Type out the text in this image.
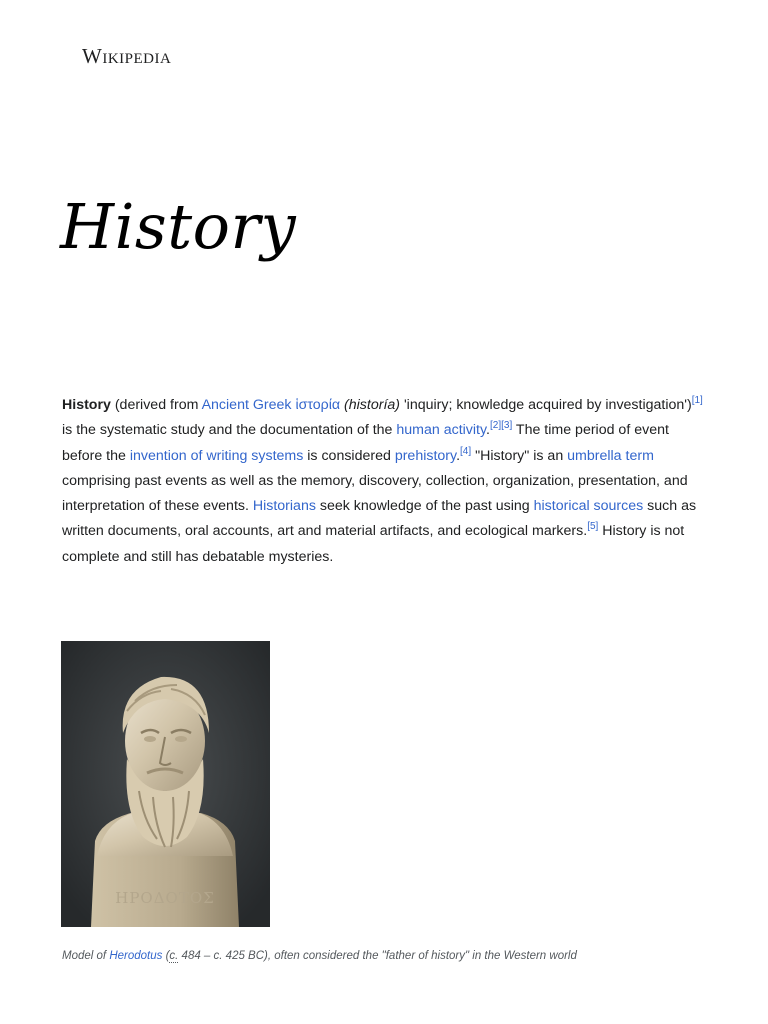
Wikipedia
History

History (derived from Ancient Greek ἱστορία (historía) 'inquiry; knowledge acquired by investigation')[1] is the systematic study and the documentation of the human activity.[2][3] The time period of event before the invention of writing systems is considered prehistory.[4] "History" is an umbrella term comprising past events as well as the memory, discovery, collection, organization, presentation, and interpretation of these events. Historians seek knowledge of the past using historical sources such as written documents, oral accounts, art and material artifacts, and ecological markers.[5] History is not complete and still has debatable mysteries.

ΗΡΟΔΟΤΟΣ
Model of Herodotus (c. 484 – c. 425 BC), often considered the "father of history" in the Western world
